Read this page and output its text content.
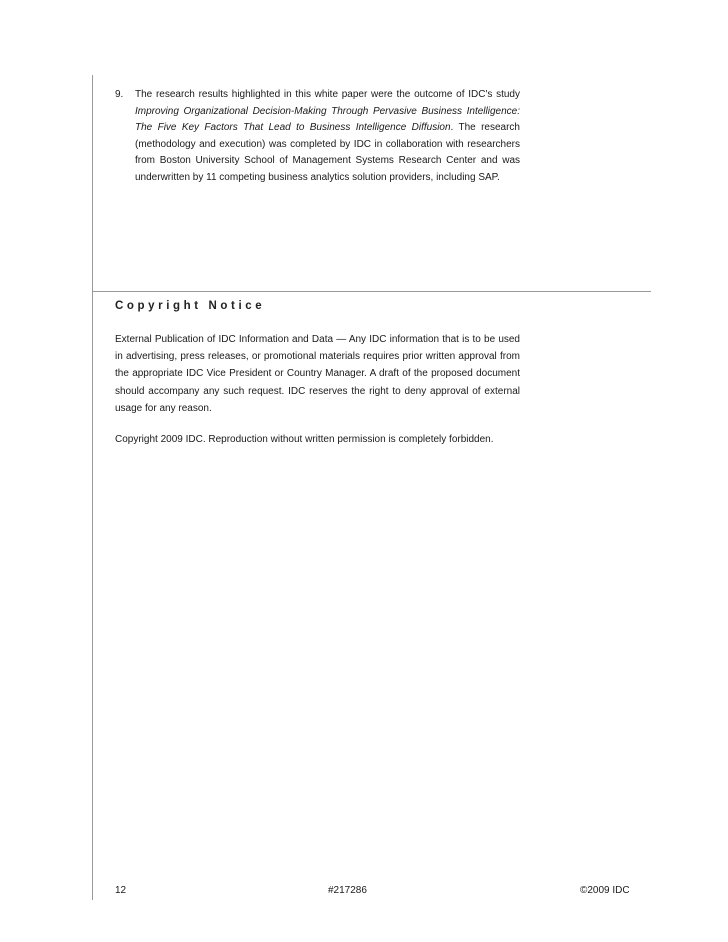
9. The research results highlighted in this white paper were the outcome of IDC's study Improving Organizational Decision-Making Through Pervasive Business Intelligence: The Five Key Factors That Lead to Business Intelligence Diffusion. The research (methodology and execution) was completed by IDC in collaboration with researchers from Boston University School of Management Systems Research Center and was underwritten by 11 competing business analytics solution providers, including SAP.
Copyright Notice

External Publication of IDC Information and Data — Any IDC information that is to be used in advertising, press releases, or promotional materials requires prior written approval from the appropriate IDC Vice President or Country Manager. A draft of the proposed document should accompany any such request. IDC reserves the right to deny approval of external usage for any reason.

Copyright 2009 IDC. Reproduction without written permission is completely forbidden.

12	#217286	©2009 IDC
